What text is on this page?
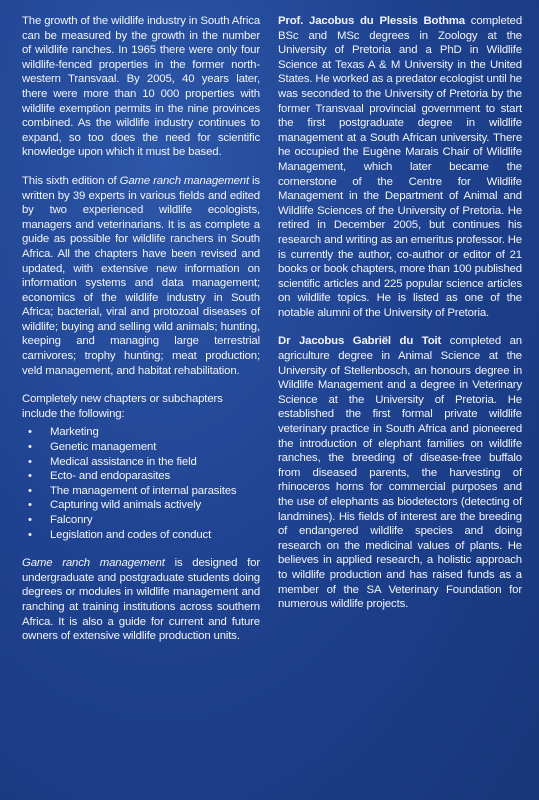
The growth of the wildlife industry in South Africa can be measured by the growth in the number of wildlife ranches. In 1965 there were only four wildlife-fenced properties in the former north-western Transvaal. By 2005, 40 years later, there were more than 10 000 properties with wildlife exemption permits in the nine provinces combined. As the wildlife industry continues to expand, so too does the need for scientific knowledge upon which it must be based.

This sixth edition of Game ranch management is written by 39 experts in various fields and edited by two experienced wildlife ecologists, managers and veterinarians. It is as complete a guide as possible for wildlife ranchers in South Africa. All the chapters have been revised and updated, with extensive new information on information systems and data management; economics of the wildlife industry in South Africa; bacterial, viral and protozoal diseases of wildlife; buying and selling wild animals; hunting, keeping and managing large terrestrial carnivores; trophy hunting; meat production; veld management, and habitat rehabilitation.

Completely new chapters or subchapters include the following:

• Marketing
• Genetic management
• Medical assistance in the field
• Ecto- and endoparasites
• The management of internal parasites
• Capturing wild animals actively
• Falconry
• Legislation and codes of conduct

Game ranch management is designed for undergraduate and postgraduate students doing degrees or modules in wildlife management and ranching at training institutions across southern Africa. It is also a guide for current and future owners of extensive wildlife production units.

Prof. Jacobus du Plessis Bothma completed BSc and MSc degrees in Zoology at the University of Pretoria and a PhD in Wildlife Science at Texas A & M University in the United States. He worked as a predator ecologist until he was seconded to the University of Pretoria by the former Transvaal provincial government to start the first postgraduate degree in wildlife management at a South African university. There he occupied the Eugène Marais Chair of Wildlife Management, which later became the cornerstone of the Centre for Wildlife Management in the Department of Animal and Wildlife Sciences of the University of Pretoria. He retired in December 2005, but continues his research and writing as an emeritus professor. He is currently the author, co-author or editor of 21 books or book chapters, more than 100 published scientific articles and 225 popular science articles on wildlife topics. He is listed as one of the notable alumni of the University of Pretoria.

Dr Jacobus Gabriël du Toit completed an agriculture degree in Animal Science at the University of Stellenbosch, an honours degree in Wildlife Management and a degree in Veterinary Science at the University of Pretoria. He established the first formal private wildlife veterinary practice in South Africa and pioneered the introduction of elephant families on wildlife ranches, the breeding of disease-free buffalo from diseased parents, the harvesting of rhinoceros horns for commercial purposes and the use of elephants as biodetectors (detecting of landmines). His fields of interest are the breeding of endangered wildlife species and doing research on the medicinal values of plants. He believes in applied research, a holistic approach to wildlife production and has raised funds as a member of the SA Veterinary Foundation for numerous wildlife projects.
